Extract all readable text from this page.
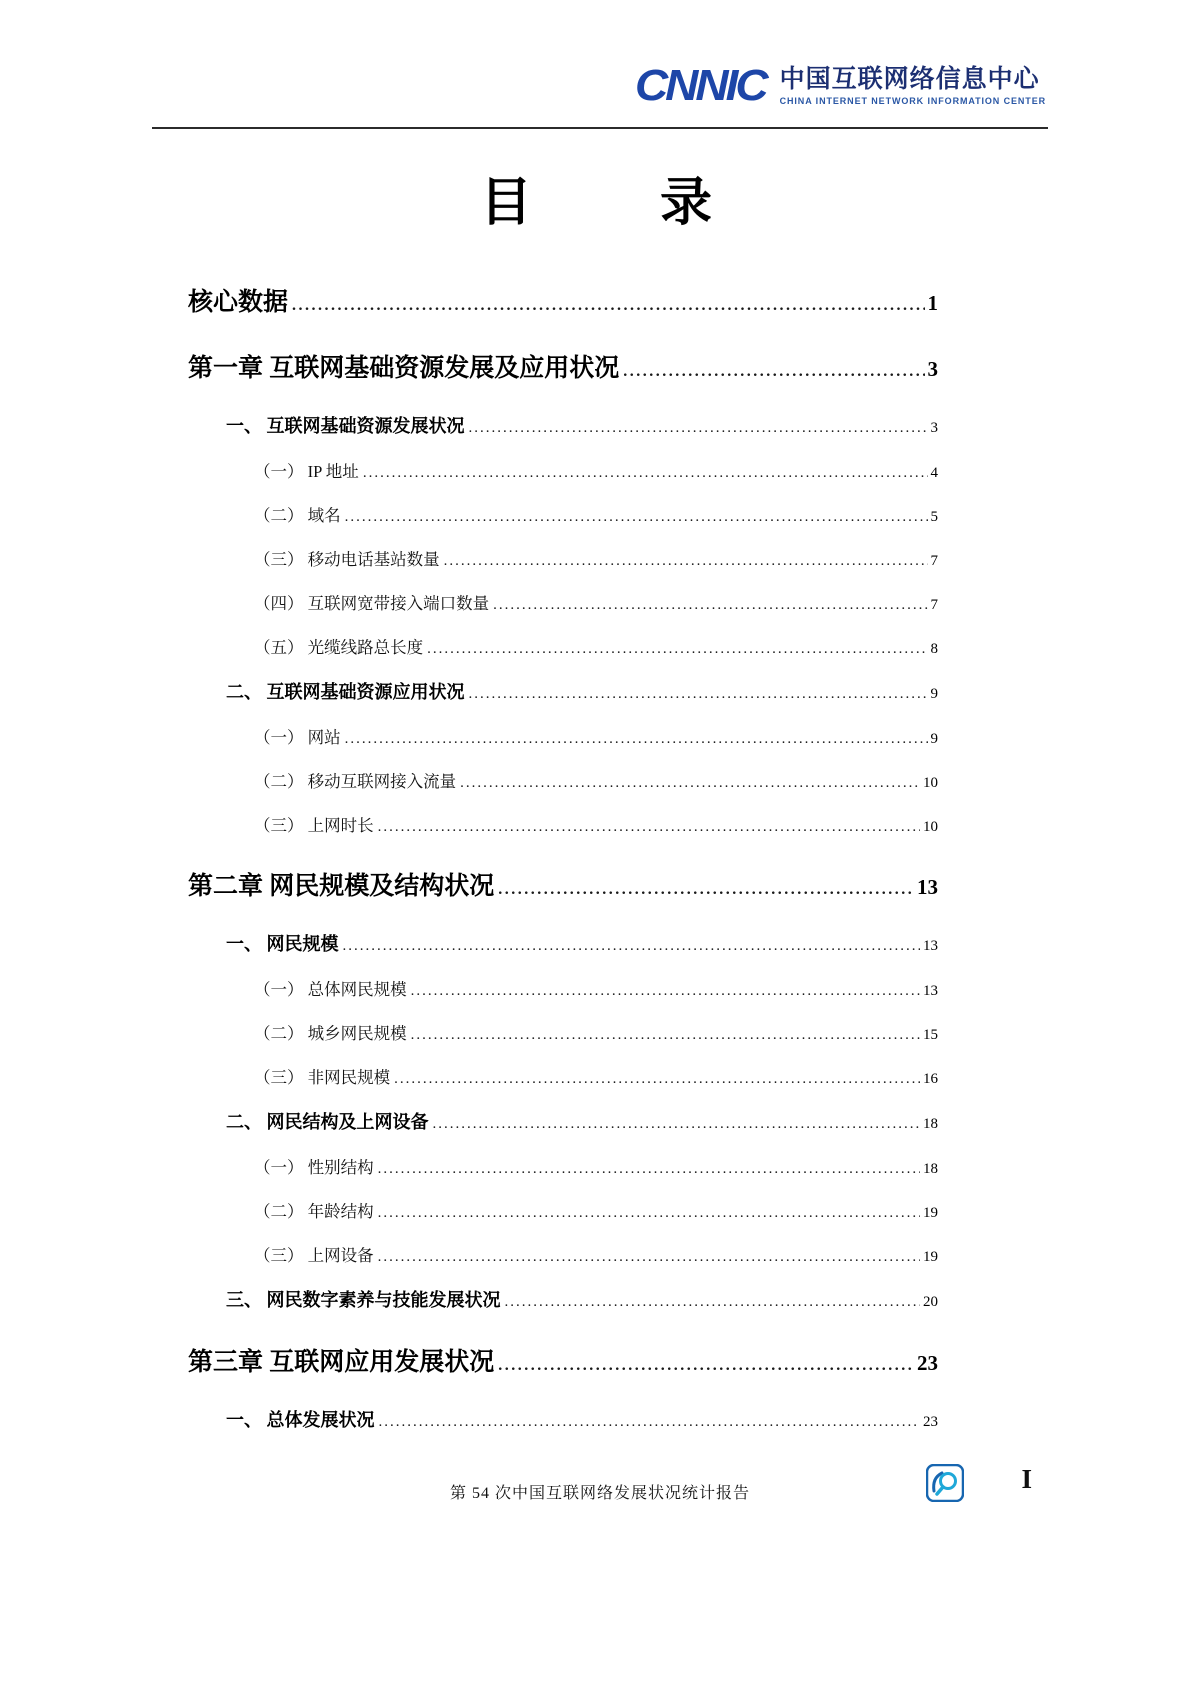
CNNIC 中国互联网络信息中心
CHINA INTERNET NETWORK INFORMATION CENTER
目　　录
核心数据 .....	1
第一章 互联网基础资源发展及应用状况 .....	3
一、 互联网基础资源发展状况 .....	3
（一） IP 地址 .....	4
（二） 域名 .....	5
（三） 移动电话基站数量 .....	7
（四） 互联网宽带接入端口数量 .....	7
（五） 光缆线路总长度 .....	8
二、 互联网基础资源应用状况 .....	9
（一） 网站 .....	9
（二） 移动互联网接入流量 .....	10
（三） 上网时长 .....	10
第二章 网民规模及结构状况 .....	13
一、 网民规模 .....	13
（一） 总体网民规模 .....	13
（二） 城乡网民规模 .....	15
（三） 非网民规模 .....	16
二、 网民结构及上网设备 .....	18
（一） 性别结构 .....	18
（二） 年龄结构 .....	19
（三） 上网设备 .....	19
三、 网民数字素养与技能发展状况 .....	20
第三章 互联网应用发展状况 .....	23
一、 总体发展状况 .....	23
第 54 次中国互联网络发展状况统计报告	I
